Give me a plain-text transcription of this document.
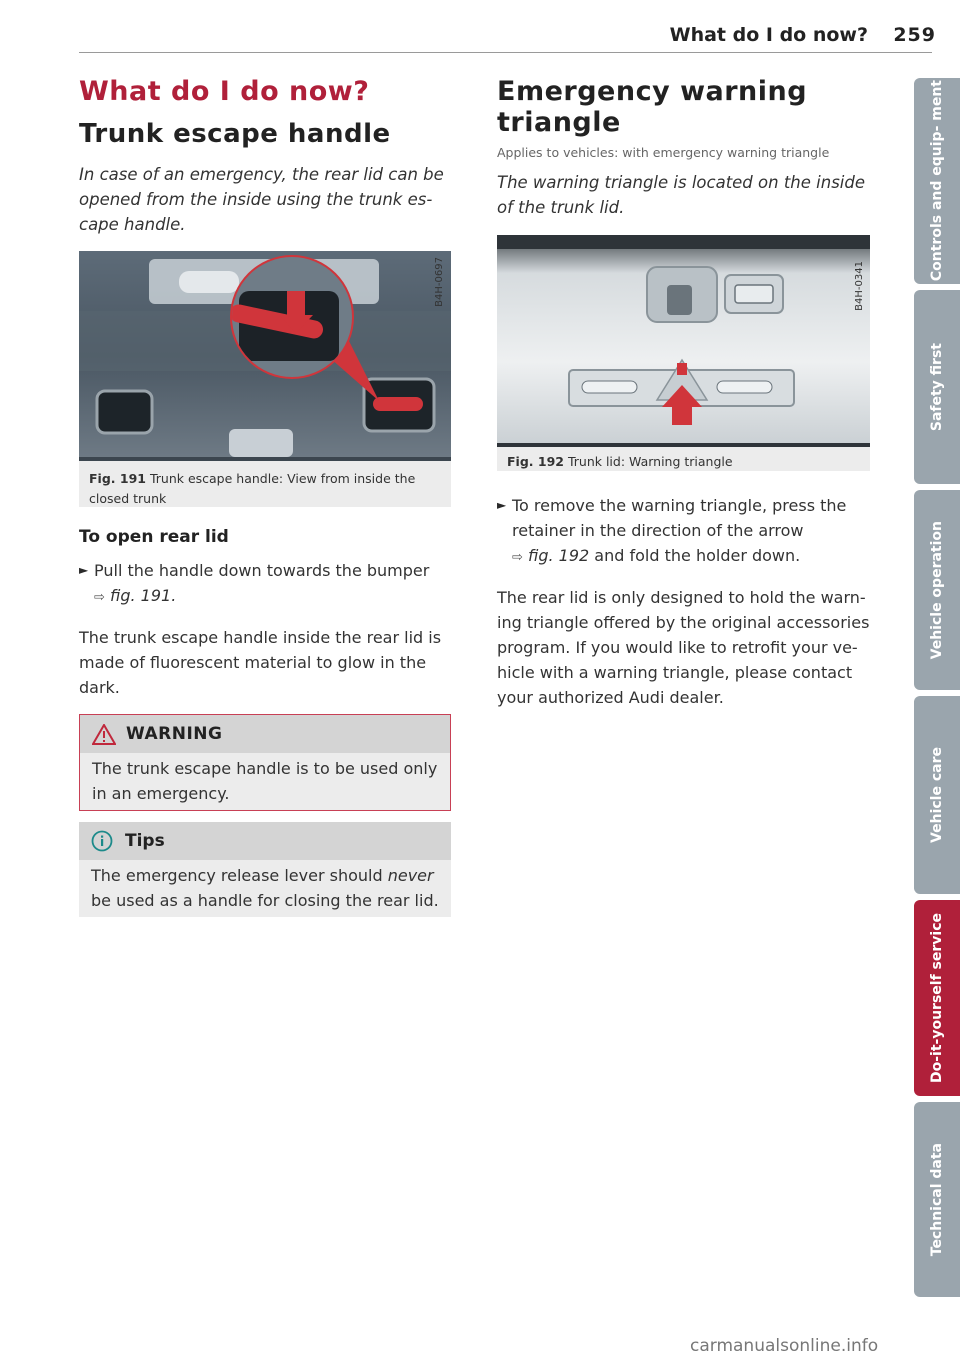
What do I do now?	259
What do I do now?
Trunk escape handle

In case of an emergency, the rear lid can be opened from the inside using the trunk es- cape handle.

B4H-0697
Fig. 191 Trunk escape handle: View from inside the
closed trunk

To open rear lid

► Pull the handle down towards the bumper
⇨ fig. 191.
The trunk escape handle inside the rear lid is
made of fluorescent material to glow in the
dark.
WARNING
The trunk escape handle is to be used only
in an emergency.
Tips
The emergency release lever should never
be used as a handle for closing the rear lid.
Emergency warning
triangle

Applies to vehicles: with emergency warning triangle

The warning triangle is located on the inside
of the trunk lid.
B4H-0341
Fig. 192 Trunk lid: Warning triangle
► To remove the warning triangle, press the
retainer in the direction of the arrow
⇨ fig. 192 and fold the holder down.
The rear lid is only designed to hold the warn-
ing triangle offered by the original accessories
program. If you would like to retrofit your ve-
hicle with a warning triangle, please contact
your authorized Audi dealer.
Controls and equip- ment
Safety first
Vehicle operation
Vehicle care
Do-it-yourself service
Technical data
carmanualsonline.info
